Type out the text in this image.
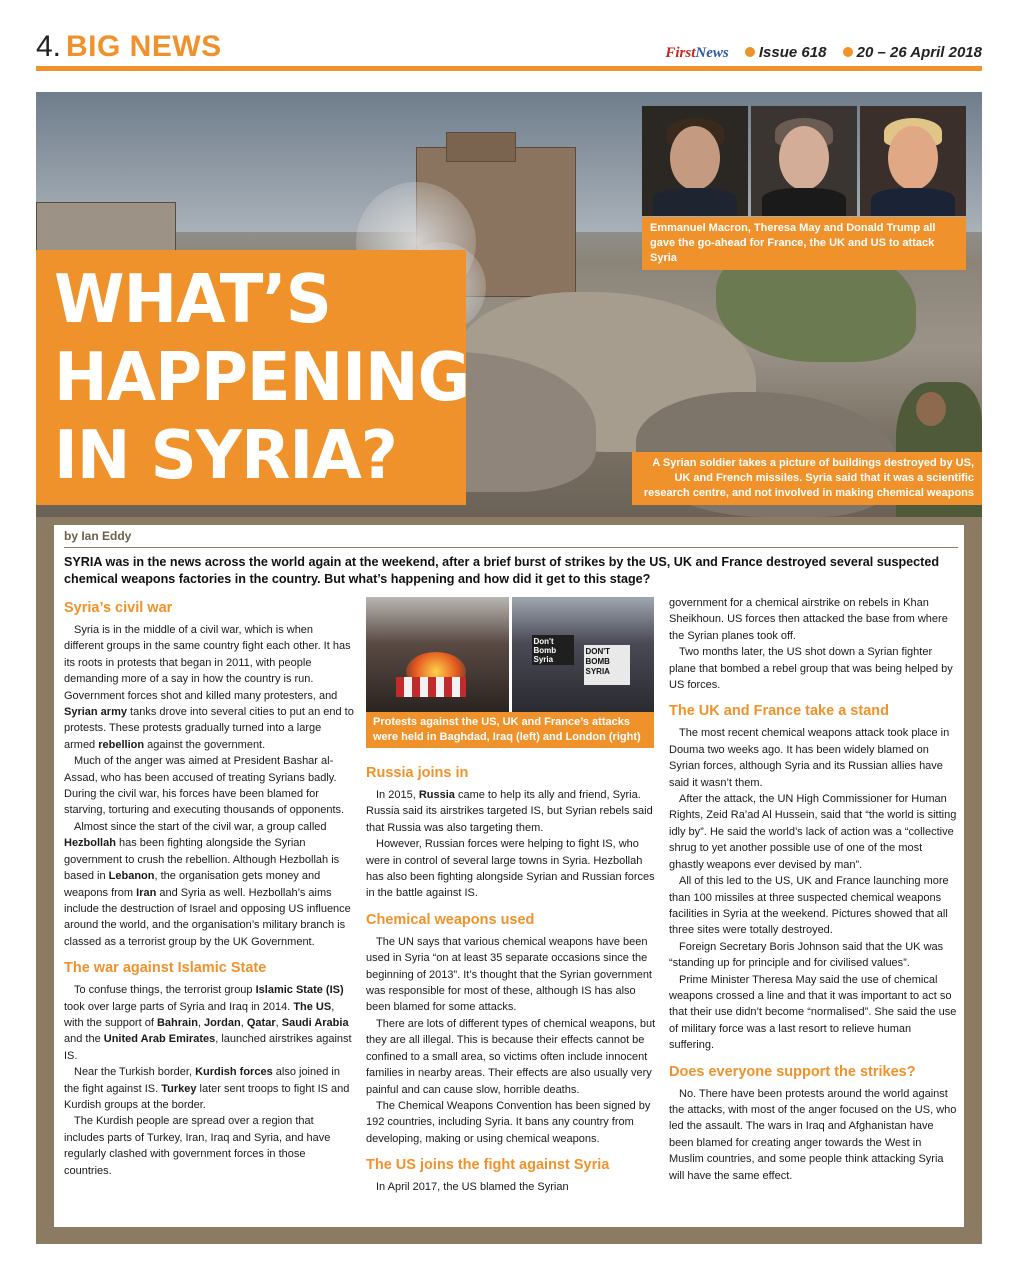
4. BIG NEWS	FirstNews Issue 618 20 – 26 April 2018
WHAT’S
HAPPENING
IN SYRIA?
Emmanuel Macron, Theresa May and Donald Trump all gave the go-ahead for France, the UK and US to attack Syria
A Syrian soldier takes a picture of buildings destroyed by US, UK and French missiles. Syria said that it was a scientific research centre, and not involved in making chemical weapons
by Ian Eddy
SYRIA was in the news across the world again at the weekend, after a brief burst of strikes by the US, UK and France destroyed several suspected chemical weapons factories in the country. But what’s happening and how did it get to this stage?
Syria’s civil war

Syria is in the middle of a civil war, which is when different groups in the same country fight each other. It has its roots in protests that began in 2011, with people demanding more of a say in how the country is run. Government forces shot and killed many protesters, and Syrian army tanks drove into several cities to put an end to protests. These protests gradually turned into a large armed rebellion against the government.

Much of the anger was aimed at President Bashar al-Assad, who has been accused of treating Syrians badly. During the civil war, his forces have been blamed for starving, torturing and executing thousands of opponents.

Almost since the start of the civil war, a group called Hezbollah has been fighting alongside the Syrian government to crush the rebellion. Although Hezbollah is based in Lebanon, the organisation gets money and weapons from Iran and Syria as well. Hezbollah’s aims include the destruction of Israel and opposing US influence around the world, and the organisation’s military branch is classed as a terrorist group by the UK Government.

The war against Islamic State

To confuse things, the terrorist group Islamic State (IS) took over large parts of Syria and Iraq in 2014. The US, with the support of Bahrain, Jordan, Qatar, Saudi Arabia and the United Arab Emirates, launched airstrikes against IS.

Near the Turkish border, Kurdish forces also joined in the fight against IS. Turkey later sent troops to fight IS and Kurdish groups at the border.

The Kurdish people are spread over a region that includes parts of Turkey, Iran, Iraq and Syria, and have regularly clashed with government forces in those countries.

Don't Bomb Syria
DON'T BOMB SYRIA
Protests against the US, UK and France’s attacks were held in Baghdad, Iraq (left) and London (right)
Russia joins in

In 2015, Russia came to help its ally and friend, Syria. Russia said its airstrikes targeted IS, but Syrian rebels said that Russia was also targeting them.

However, Russian forces were helping to fight IS, who were in control of several large towns in Syria. Hezbollah has also been fighting alongside Syrian and Russian forces in the battle against IS.

Chemical weapons used

The UN says that various chemical weapons have been used in Syria “on at least 35 separate occasions since the beginning of 2013”. It’s thought that the Syrian government was responsible for most of these, although IS has also been blamed for some attacks.

There are lots of different types of chemical weapons, but they are all illegal. This is because their effects cannot be confined to a small area, so victims often include innocent families in nearby areas. Their effects are also usually very painful and can cause slow, horrible deaths.

The Chemical Weapons Convention has been signed by 192 countries, including Syria. It bans any country from developing, making or using chemical weapons.

The US joins the fight against Syria

In April 2017, the US blamed the Syrian

government for a chemical airstrike on rebels in Khan Sheikhoun. US forces then attacked the base from where the Syrian planes took off.

Two months later, the US shot down a Syrian fighter plane that bombed a rebel group that was being helped by US forces.

The UK and France take a stand

The most recent chemical weapons attack took place in Douma two weeks ago. It has been widely blamed on Syrian forces, although Syria and its Russian allies have said it wasn’t them.

After the attack, the UN High Commissioner for Human Rights, Zeid Ra’ad Al Hussein, said that “the world is sitting idly by”. He said the world’s lack of action was a “collective shrug to yet another possible use of one of the most ghastly weapons ever devised by man”.

All of this led to the US, UK and France launching more than 100 missiles at three suspected chemical weapons facilities in Syria at the weekend. Pictures showed that all three sites were totally destroyed.

Foreign Secretary Boris Johnson said that the UK was “standing up for principle and for civilised values”.

Prime Minister Theresa May said the use of chemical weapons crossed a line and that it was important to act so that their use didn’t become “normalised”. She said the use of military force was a last resort to relieve human suffering.

Does everyone support the strikes?

No. There have been protests around the world against the attacks, with most of the anger focused on the US, who led the assault. The wars in Iraq and Afghanistan have been blamed for creating anger towards the West in Muslim countries, and some people think attacking Syria will have the same effect.
